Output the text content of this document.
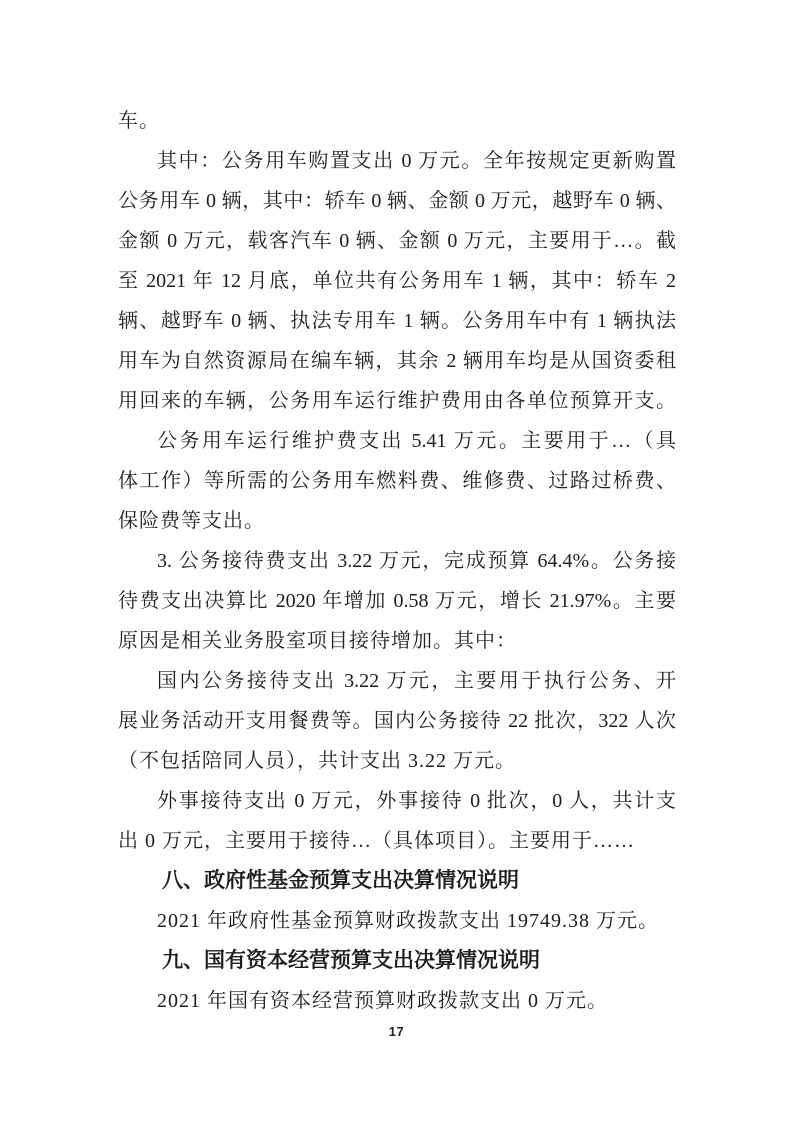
车。
其中：公务用车购置支出 0 万元。全年按规定更新购置
公务用车 0 辆，其中：轿车 0 辆、金额 0 万元，越野车 0 辆、
金额 0 万元，载客汽车 0 辆、金额 0 万元，主要用于…。截
至 2021 年 12 月底，单位共有公务用车 1 辆，其中：轿车 2
辆、越野车 0 辆、执法专用车 1 辆。公务用车中有 1 辆执法
用车为自然资源局在编车辆，其余 2 辆用车均是从国资委租
用回来的车辆，公务用车运行维护费用由各单位预算开支。
公务用车运行维护费支出 5.41 万元。主要用于…（具
体工作）等所需的公务用车燃料费、维修费、过路过桥费、
保险费等支出。
3. 公务接待费支出 3.22 万元，完成预算 64.4%。公务接
待费支出决算比 2020 年增加 0.58 万元，增长 21.97%。主要
原因是相关业务股室项目接待增加。其中：
国内公务接待支出 3.22 万元，主要用于执行公务、开
展业务活动开支用餐费等。国内公务接待 22 批次，322 人次
（不包括陪同人员），共计支出 3.22 万元。
外事接待支出 0 万元，外事接待 0 批次，0 人，共计支
出 0 万元，主要用于接待…（具体项目）。主要用于……
八、政府性基金预算支出决算情况说明
2021 年政府性基金预算财政拨款支出 19749.38 万元。
九、国有资本经营预算支出决算情况说明
2021 年国有资本经营预算财政拨款支出 0 万元。
17
